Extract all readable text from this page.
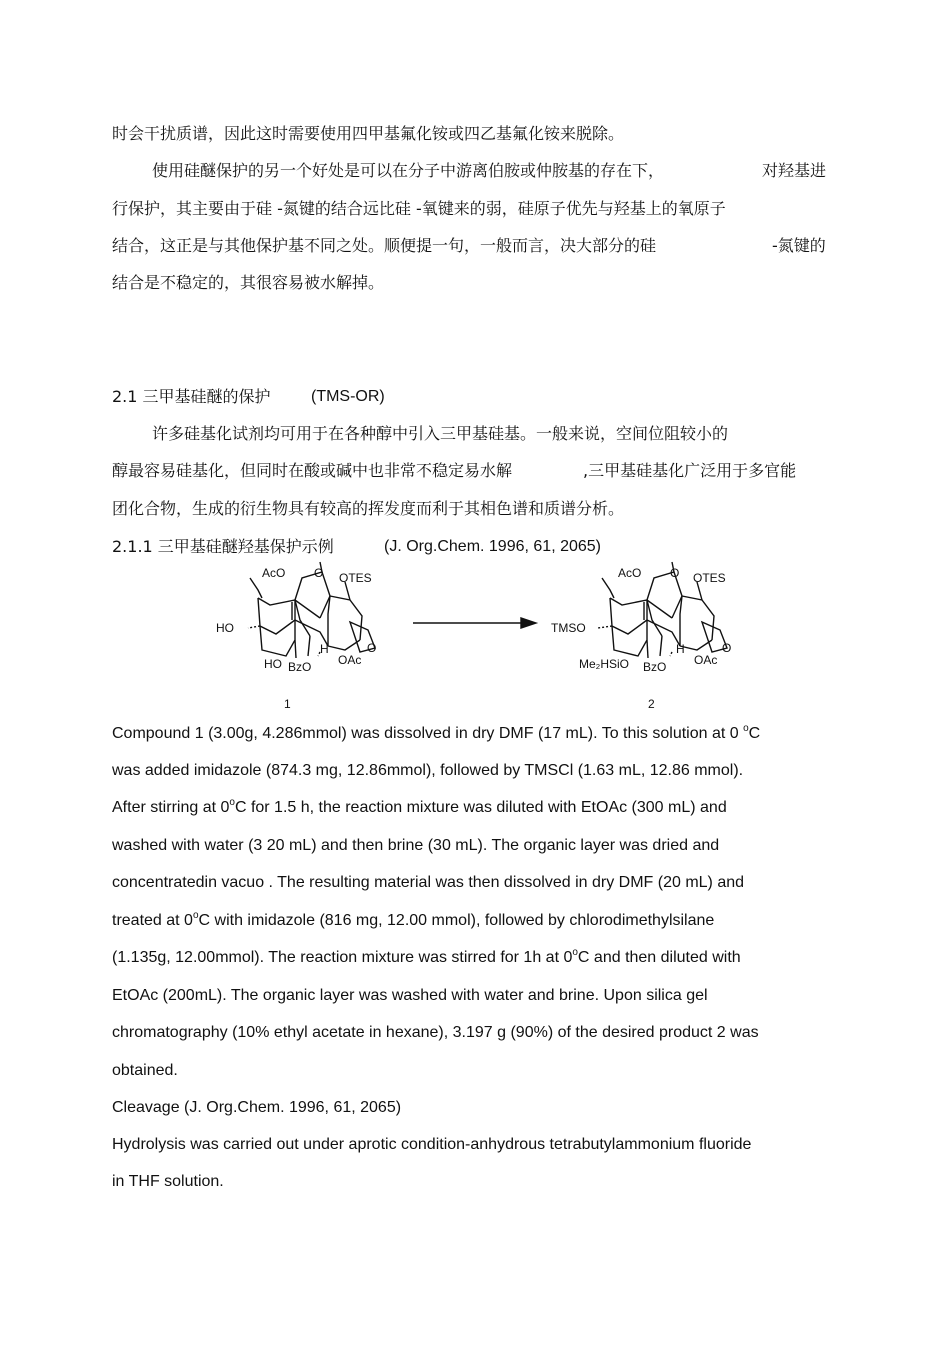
时会干扰质谱，因此这时需要使用四甲基氟化铵或四乙基氟化铵来脱除。
使用硅醚保护的另一个好处是可以在分子中游离伯胺或仲胺基的存在下，	对羟基进
行保护，其主要由于硅 -氮键的结合远比硅 -氧键来的弱，硅原子优先与羟基上的氧原子
结合，这正是与其他保护基不同之处。顺便提一句，一般而言，决大部分的硅	-氮键的
结合是不稳定的，其很容易被水解掉。
2.1 三甲基硅醚的保护	(TMS-OR)
许多硅基化试剂均可用于在各种醇中引入三甲基硅基。一般来说，空间位阻较小的
醇最容易硅基化，但同时在酸或碱中也非常不稳定易水解	,三甲基硅基化广泛用于多官能
团化合物，生成的衍生物具有较高的挥发度而利于其相色谱和质谱分析。
2.1.1 三甲基硅醚羟基保护示例	(J. Org.Chem. 1996, 61, 2065)
AcO O OTES
HO
H	O
OAc
HO BzO
1
AcO O OTES
TMSO
H	O
OAc
Me₂HSiO BzO
2
Compound 1 (3.00g, 4.286mmol) was dissolved in dry DMF (17 mL). To this solution at 0 $^o$C
was added imidazole (874.3 mg, 12.86mmol), followed by TMSCl (1.63 mL, 12.86 mmol).
After stirring at 0$^o$C for 1.5 h, the reaction mixture was diluted with EtOAc (300 mL) and
washed with water (3 20 mL) and then brine (30 mL). The organic layer was dried and
concentratedin vacuo . The resulting material was then dissolved in dry DMF (20 mL) and
treated at 0$^o$C with imidazole (816 mg, 12.00 mmol), followed by chlorodimethylsilane
(1.135g, 12.00mmol). The reaction mixture was stirred for 1h at 0$^o$C and then diluted with
EtOAc (200mL). The organic layer was washed with water and brine. Upon silica gel
chromatography (10% ethyl acetate in hexane), 3.197 g (90%) of the desired product 2 was
obtained.
Cleavage (J. Org.Chem. 1996, 61, 2065)
Hydrolysis was carried out under aprotic condition-anhydrous tetrabutylammonium fluoride
in THF solution.
